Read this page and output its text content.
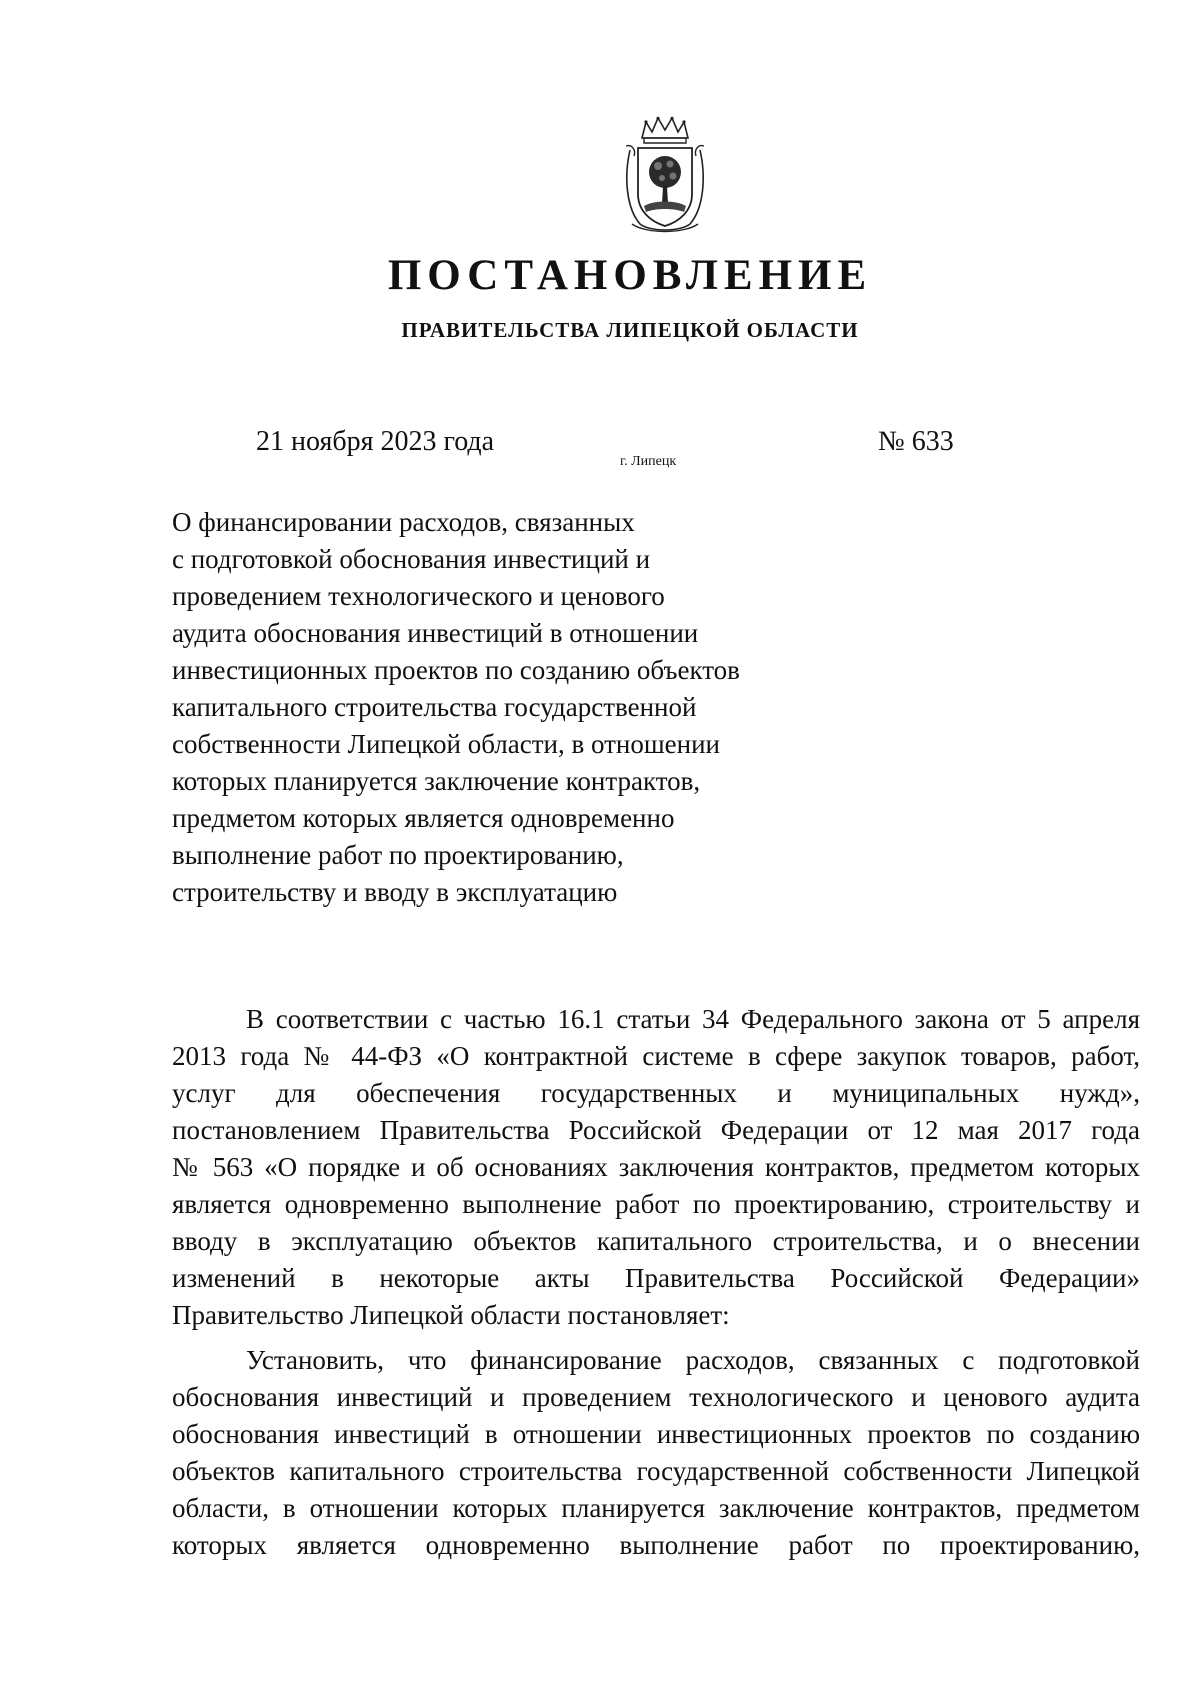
ПОСТАНОВЛЕНИЕ
ПРАВИТЕЛЬСТВА ЛИПЕЦКОЙ ОБЛАСТИ

21 ноября 2023 года

г. Липецк

№ 633

О финансировании расходов, связанных
с подготовкой обоснования инвестиций и
проведением технологического и ценового
аудита обоснования инвестиций в отношении
инвестиционных проектов по созданию объектов
капитального строительства государственной
собственности Липецкой области, в отношении
которых планируется заключение контрактов,
предметом которых является одновременно
выполнение работ по проектированию,
строительству и вводу в эксплуатацию
В соответствии с частью 16.1 статьи 34 Федерального закона от 5 апреля
2013 года № 44-ФЗ «О контрактной системе в сфере закупок товаров, работ,
услуг для обеспечения государственных и муниципальных нужд»,
постановлением Правительства Российской Федерации от 12 мая 2017 года
№ 563 «О порядке и об основаниях заключения контрактов, предметом которых
является одновременно выполнение работ по проектированию, строительству и
вводу в эксплуатацию объектов капитального строительства, и о внесении
изменений в некоторые акты Правительства Российской Федерации»
Правительство Липецкой области постановляет:
Установить, что финансирование расходов, связанных с подготовкой
обоснования инвестиций и проведением технологического и ценового аудита
обоснования инвестиций в отношении инвестиционных проектов по созданию
объектов капитального строительства государственной собственности Липецкой
области, в отношении которых планируется заключение контрактов, предметом
которых является одновременно выполнение работ по проектированию,
